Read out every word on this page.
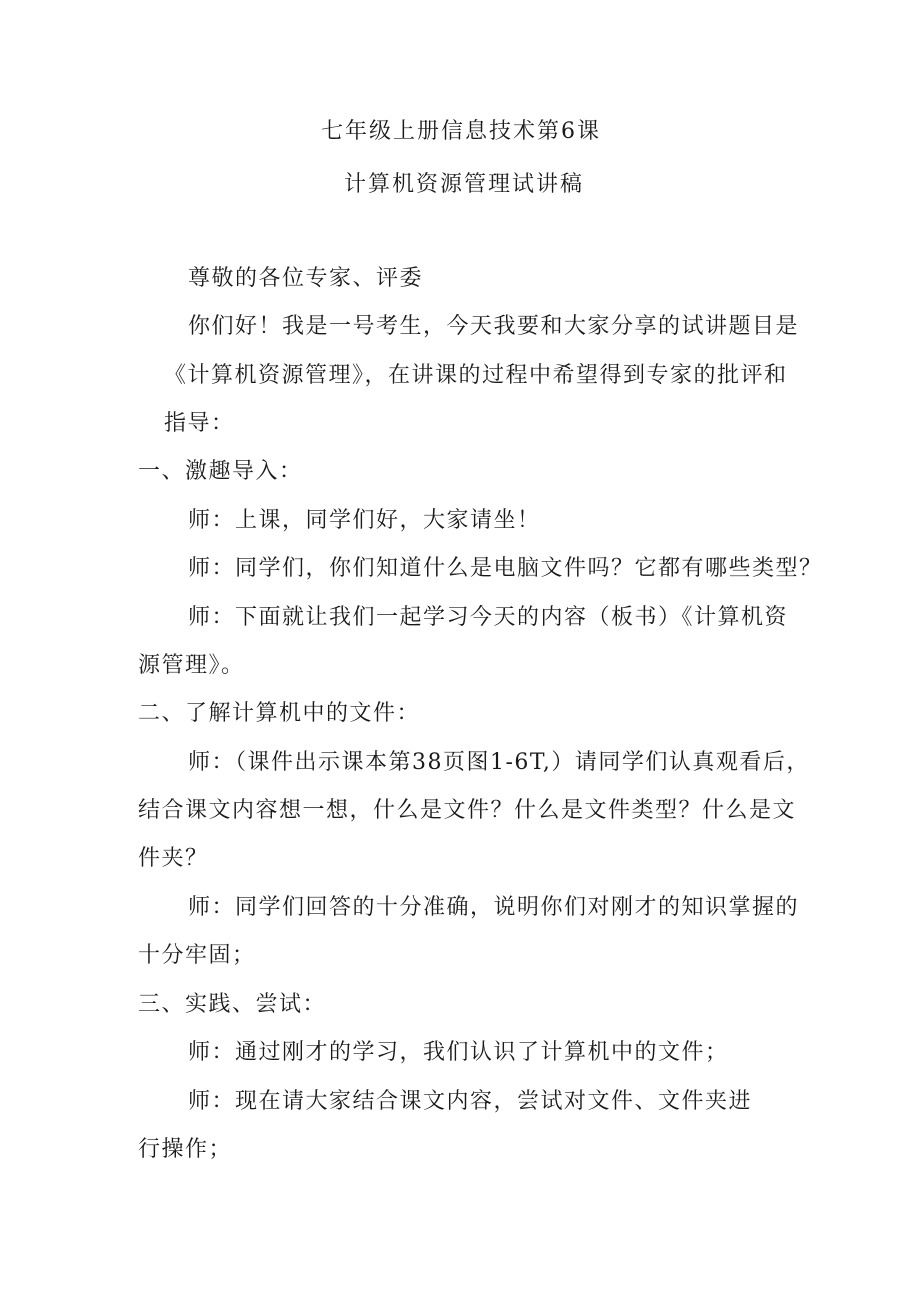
七年级上册信息技术第6课
计算机资源管理试讲稿
尊敬的各位专家、评委
你们好！我是一号考生，今天我要和大家分享的试讲题目是
《计算机资源管理》，在讲课的过程中希望得到专家的批评和
指导：
一、激趣导入：
师：上课，同学们好，大家请坐！
师：同学们，你们知道什么是电脑文件吗？它都有哪些类型？
师：下面就让我们一起学习今天的内容（板书）《计算机资
源管理》。
二、了解计算机中的文件：
师：（课件出示课本第38页图1-6T,）请同学们认真观看后，
结合课文内容想一想，什么是文件？什么是文件类型？什么是文
件夹？
师：同学们回答的十分准确，说明你们对刚才的知识掌握的
十分牢固；
三、实践、尝试：
师：通过刚才的学习，我们认识了计算机中的文件；
师：现在请大家结合课文内容，尝试对文件、文件夹进
行操作；
